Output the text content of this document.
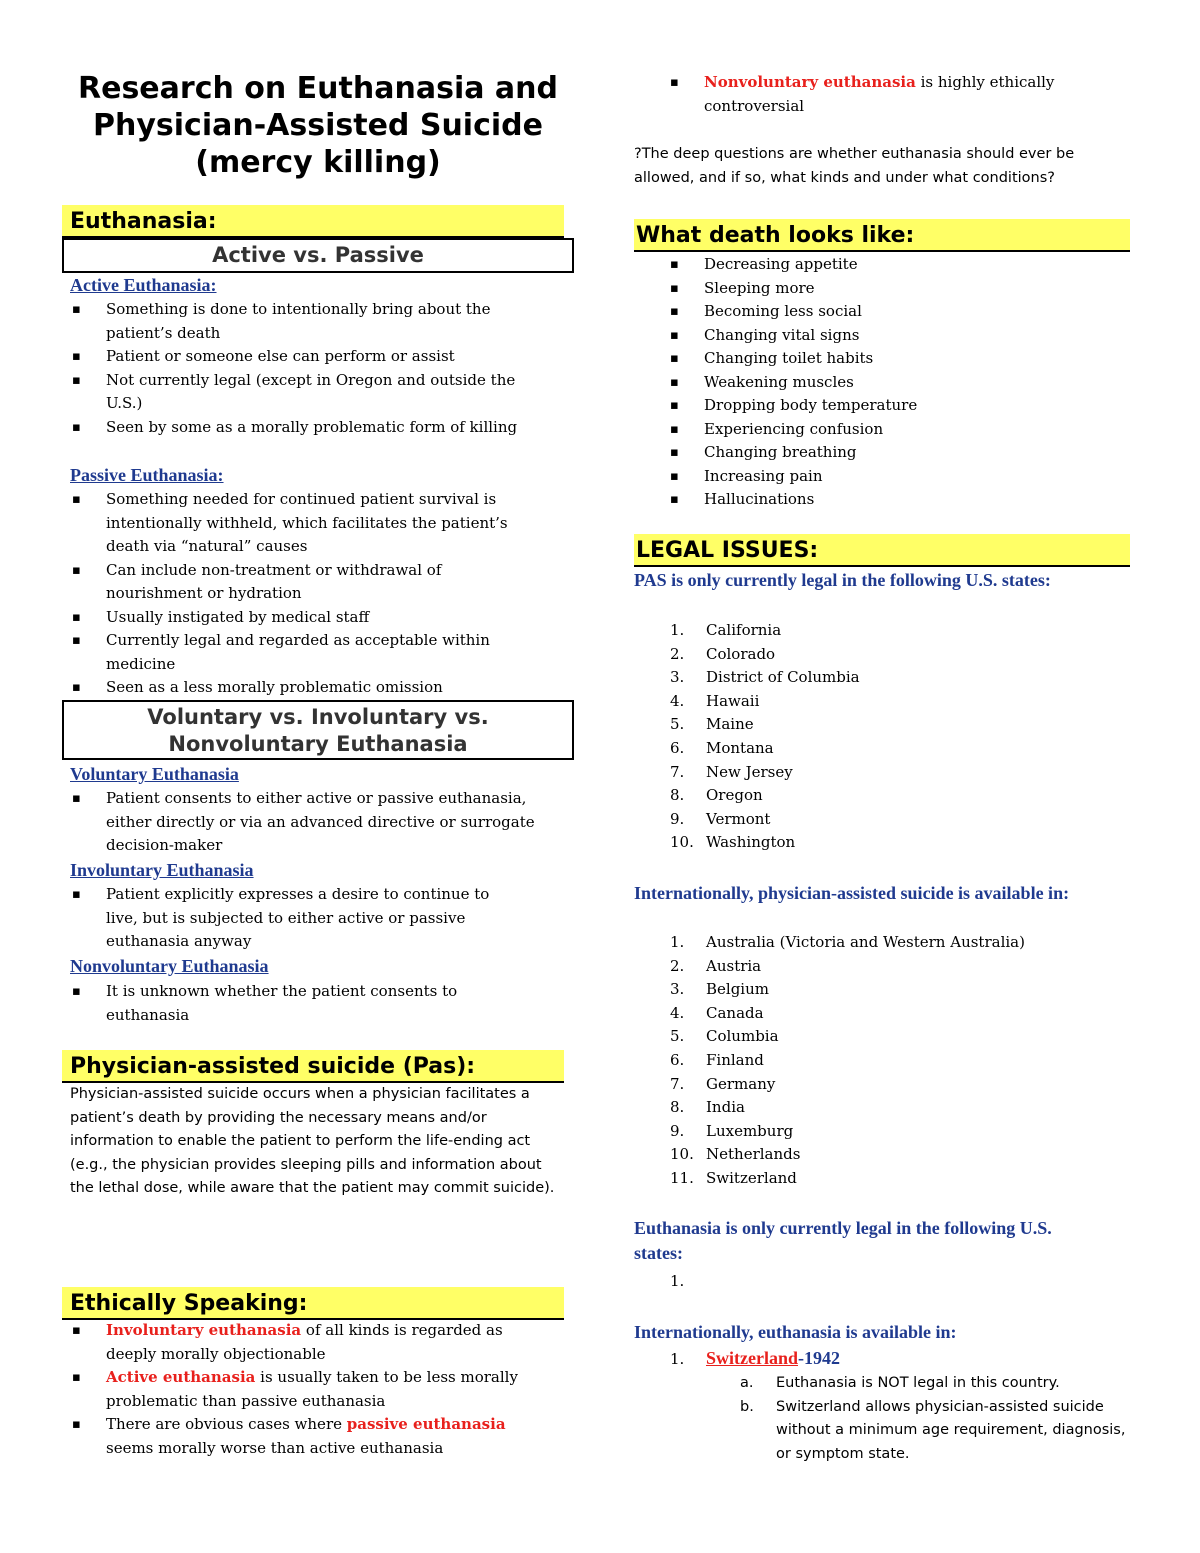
Research on Euthanasia and Physician-Assisted Suicide (mercy killing)
Euthanasia:
Active vs. Passive
Active Euthanasia:
▪ Something is done to intentionally bring about the patient’s death
▪ Patient or someone else can perform or assist
▪ Not currently legal (except in Oregon and outside the U.S.)
▪ Seen by some as a morally problematic form of killing
Passive Euthanasia:
▪ Something needed for continued patient survival is intentionally withheld, which facilitates the patient’s death via “natural” causes
▪ Can include non-treatment or withdrawal of nourishment or hydration
▪ Usually instigated by medical staff
▪ Currently legal and regarded as acceptable within medicine
▪ Seen as a less morally problematic omission
Voluntary vs. Involuntary vs. Nonvoluntary Euthanasia
Voluntary Euthanasia
▪ Patient consents to either active or passive euthanasia, either directly or via an advanced directive or surrogate decision-maker
Involuntary Euthanasia
▪ Patient explicitly expresses a desire to continue to live, but is subjected to either active or passive euthanasia anyway
Nonvoluntary Euthanasia
▪ It is unknown whether the patient consents to euthanasia
Physician-assisted suicide (Pas):
Physician-assisted suicide occurs when a physician facilitates a patient’s death by providing the necessary means and/or information to enable the patient to perform the life-ending act (e.g., the physician provides sleeping pills and information about the lethal dose, while aware that the patient may commit suicide).
Ethically Speaking:
▪ Involuntary euthanasia of all kinds is regarded as deeply morally objectionable
▪ Active euthanasia is usually taken to be less morally problematic than passive euthanasia
▪ There are obvious cases where passive euthanasia seems morally worse than active euthanasia
▪ Nonvoluntary euthanasia is highly ethically controversial
?The deep questions are whether euthanasia should ever be allowed, and if so, what kinds and under what conditions?
What death looks like:
▪ Decreasing appetite
▪ Sleeping more
▪ Becoming less social
▪ Changing vital signs
▪ Changing toilet habits
▪ Weakening muscles
▪ Dropping body temperature
▪ Experiencing confusion
▪ Changing breathing
▪ Increasing pain
▪ Hallucinations
LEGAL ISSUES:
PAS is only currently legal in the following U.S. states:
1. California
2. Colorado
3. District of Columbia
4. Hawaii
5. Maine
6. Montana
7. New Jersey
8. Oregon
9. Vermont
10. Washington
Internationally, physician-assisted suicide is available in:
1. Australia (Victoria and Western Australia)
2. Austria
3. Belgium
4. Canada
5. Columbia
6. Finland
7. Germany
8. India
9. Luxemburg
10. Netherlands
11. Switzerland
Euthanasia is only currently legal in the following U.S. states:
1.
Internationally, euthanasia is available in:
1. Switzerland-1942
a. Euthanasia is NOT legal in this country.
b. Switzerland allows physician-assisted suicide without a minimum age requirement, diagnosis, or symptom state.
